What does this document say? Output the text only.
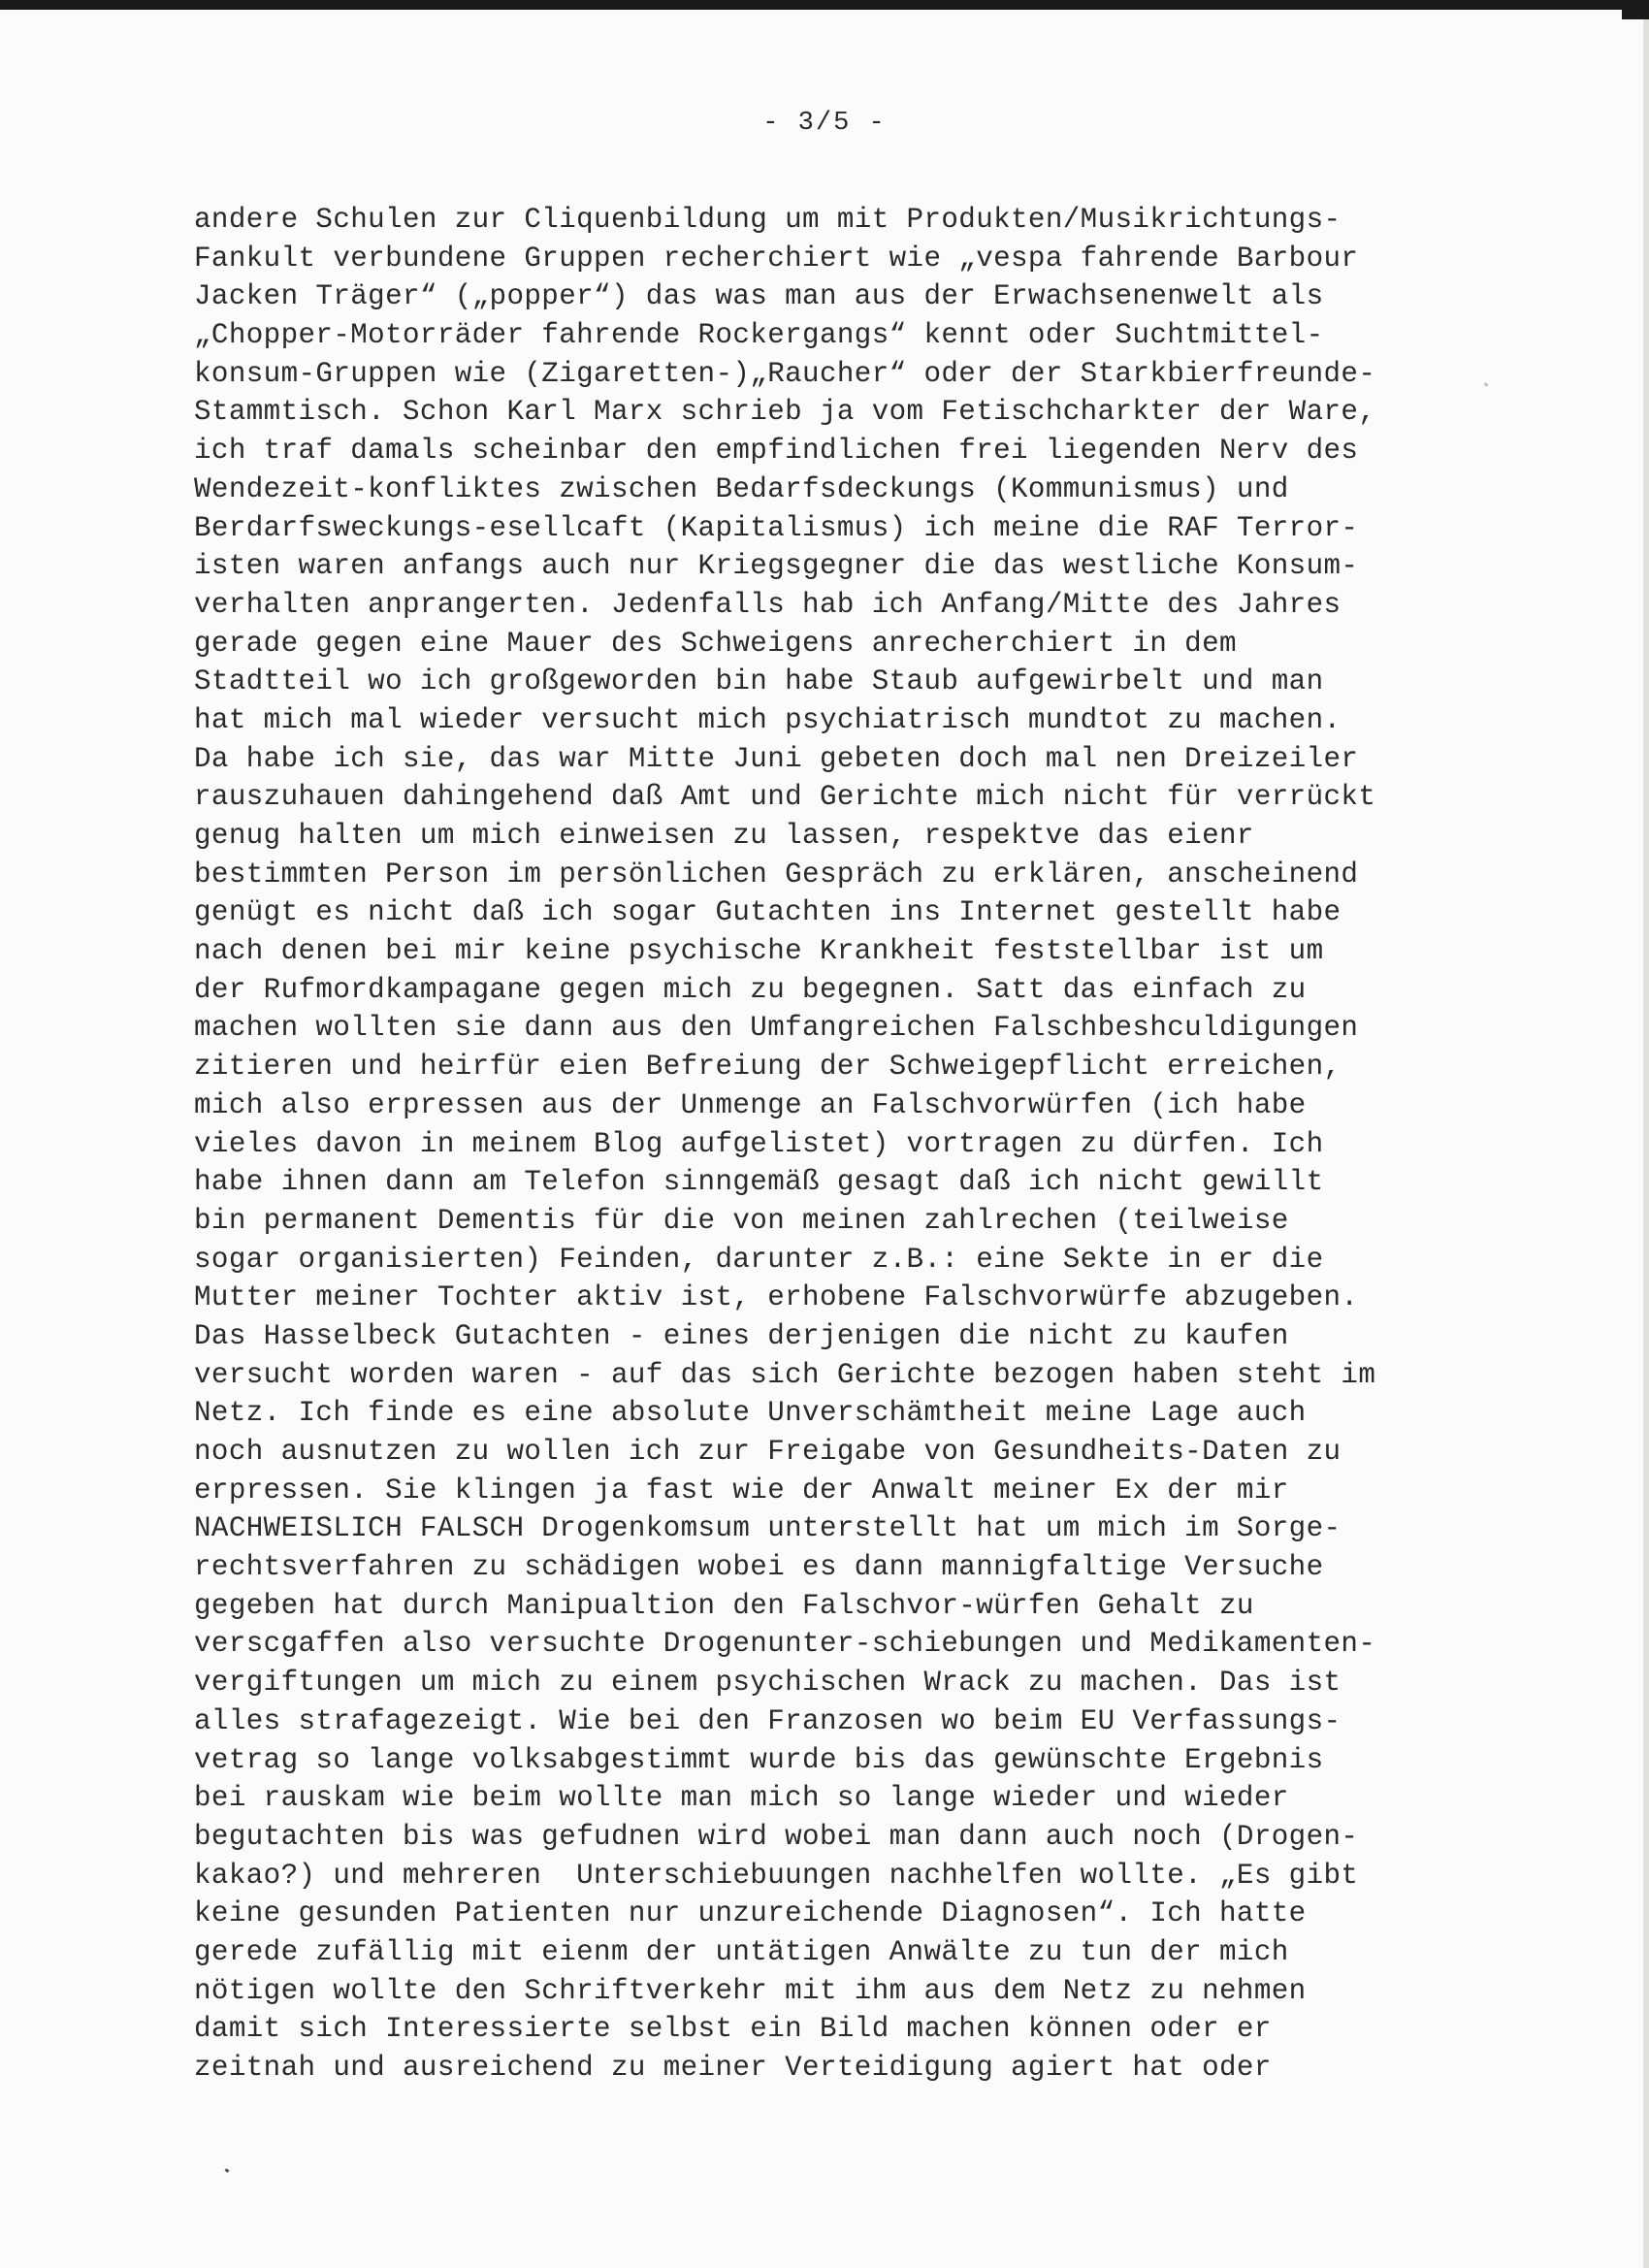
- 3/5 -
andere Schulen zur Cliquenbildung um mit Produkten/Musikrichtungs-
Fankult verbundene Gruppen recherchiert wie „vespa fahrende Barbour
Jacken Träger“ („popper“) das was man aus der Erwachsenenwelt als
„Chopper-Motorräder fahrende Rockergangs“ kennt oder Suchtmittel-
konsum-Gruppen wie (Zigaretten-)„Raucher“ oder der Starkbierfreunde-
Stammtisch. Schon Karl Marx schrieb ja vom Fetischcharkter der Ware,
ich traf damals scheinbar den empfindlichen frei liegenden Nerv des
Wendezeit-konfliktes zwischen Bedarfsdeckungs (Kommunismus) und
Berdarfsweckungs-esellcaft (Kapitalismus) ich meine die RAF Terror-
isten waren anfangs auch nur Kriegsgegner die das westliche Konsum-
verhalten anprangerten. Jedenfalls hab ich Anfang/Mitte des Jahres
gerade gegen eine Mauer des Schweigens anrecherchiert in dem
Stadtteil wo ich großgeworden bin habe Staub aufgewirbelt und man
hat mich mal wieder versucht mich psychiatrisch mundtot zu machen.
Da habe ich sie, das war Mitte Juni gebeten doch mal nen Dreizeiler
rauszuhauen dahingehend daß Amt und Gerichte mich nicht für verrückt
genug halten um mich einweisen zu lassen, respektve das eienr
bestimmten Person im persönlichen Gespräch zu erklären, anscheinend
genügt es nicht daß ich sogar Gutachten ins Internet gestellt habe
nach denen bei mir keine psychische Krankheit feststellbar ist um
der Rufmordkampagane gegen mich zu begegnen. Satt das einfach zu
machen wollten sie dann aus den Umfangreichen Falschbeshculdigungen
zitieren und heirfür eien Befreiung der Schweigepflicht erreichen,
mich also erpressen aus der Unmenge an Falschvorwürfen (ich habe
vieles davon in meinem Blog aufgelistet) vortragen zu dürfen. Ich
habe ihnen dann am Telefon sinngemäß gesagt daß ich nicht gewillt
bin permanent Dementis für die von meinen zahlrechen (teilweise
sogar organisierten) Feinden, darunter z.B.: eine Sekte in er die
Mutter meiner Tochter aktiv ist, erhobene Falschvorwürfe abzugeben.
Das Hasselbeck Gutachten - eines derjenigen die nicht zu kaufen
versucht worden waren - auf das sich Gerichte bezogen haben steht im
Netz. Ich finde es eine absolute Unverschämtheit meine Lage auch
noch ausnutzen zu wollen ich zur Freigabe von Gesundheits-Daten zu
erpressen. Sie klingen ja fast wie der Anwalt meiner Ex der mir
NACHWEISLICH FALSCH Drogenkomsum unterstellt hat um mich im Sorge-
rechtsverfahren zu schädigen wobei es dann mannigfaltige Versuche
gegeben hat durch Manipualtion den Falschvor-würfen Gehalt zu
verscgaffen also versuchte Drogenunter-schiebungen und Medikamenten-
vergiftungen um mich zu einem psychischen Wrack zu machen. Das ist
alles strafagezeigt. Wie bei den Franzosen wo beim EU Verfassungs-
vetrag so lange volksabgestimmt wurde bis das gewünschte Ergebnis
bei rauskam wie beim wollte man mich so lange wieder und wieder
begutachten bis was gefudnen wird wobei man dann auch noch (Drogen-
kakao?) und mehreren  Unterschiebuungen nachhelfen wollte. „Es gibt
keine gesunden Patienten nur unzureichende Diagnosen“. Ich hatte
gerede zufällig mit eienm der untätigen Anwälte zu tun der mich
nötigen wollte den Schriftverkehr mit ihm aus dem Netz zu nehmen
damit sich Interessierte selbst ein Bild machen können oder er
zeitnah und ausreichend zu meiner Verteidigung agiert hat oder
